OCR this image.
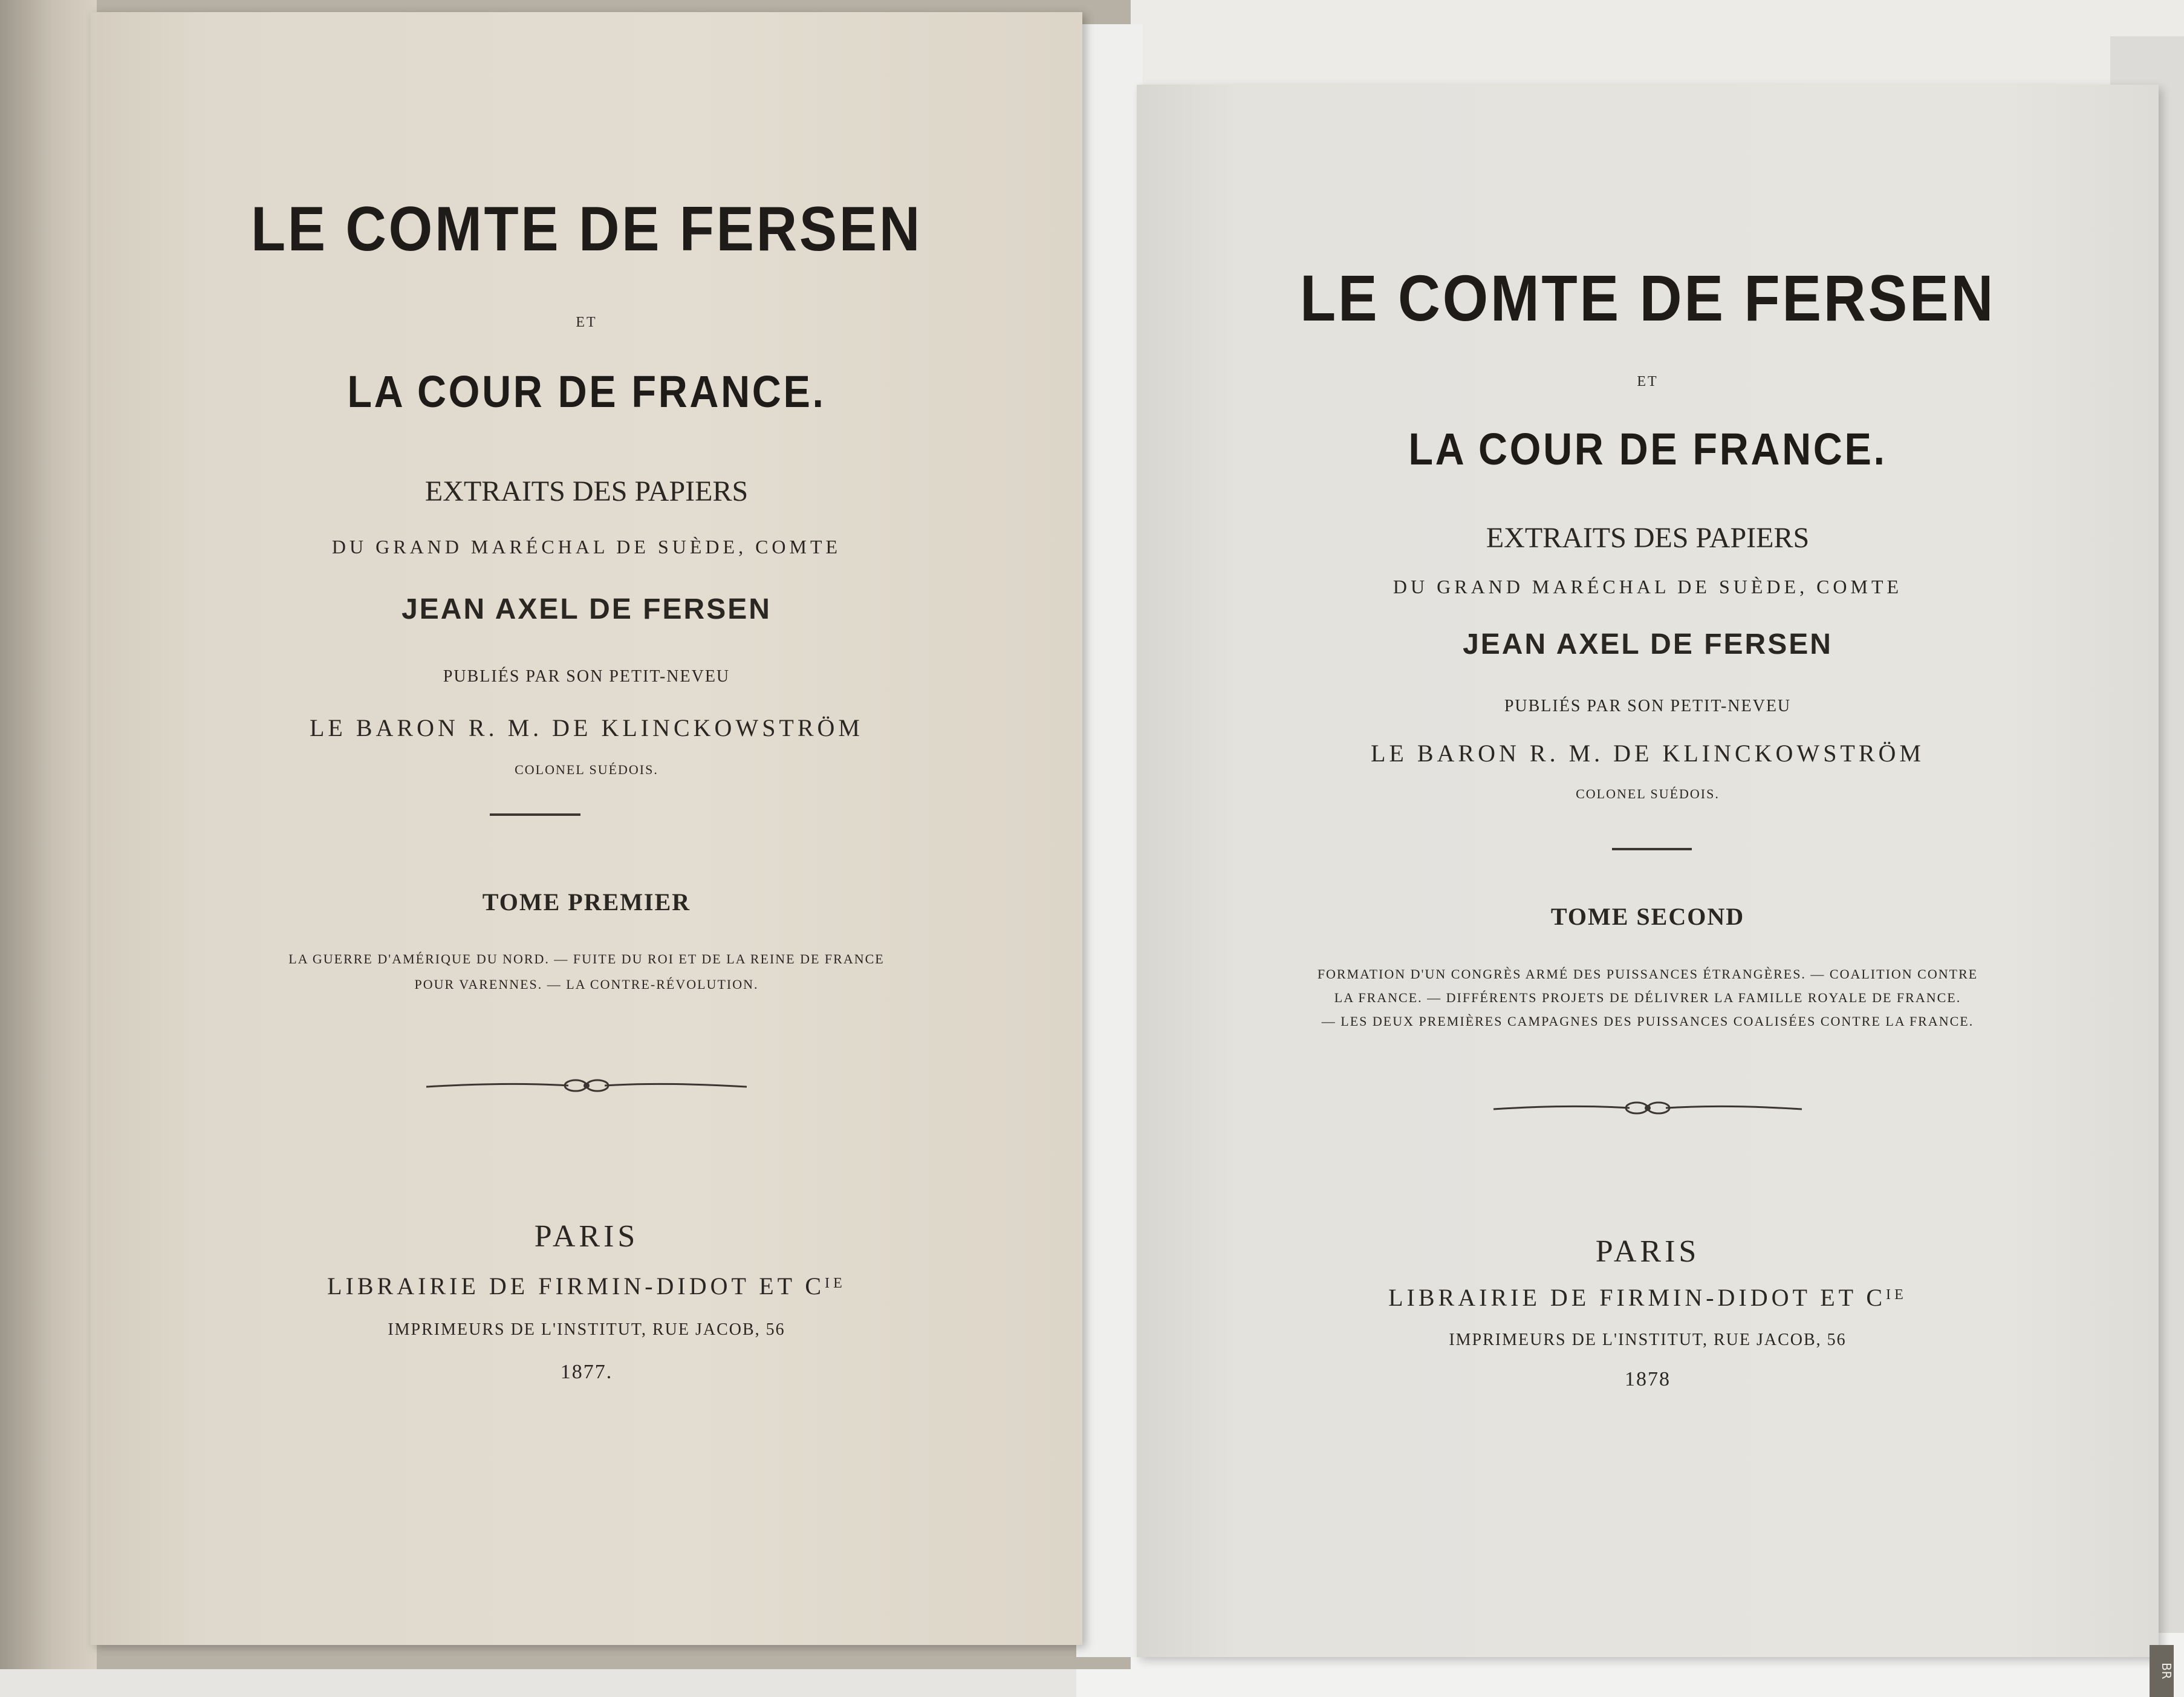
BR
LE COMTE DE FERSEN
ET
LA COUR DE FRANCE.
EXTRAITS DES PAPIERS
DU GRAND MARÉCHAL DE SUÈDE, COMTE
JEAN AXEL DE FERSEN
PUBLIÉS PAR SON PETIT-NEVEU
LE BARON R. M. DE KLINCKOWSTRÖM
COLONEL SUÉDOIS.
TOME PREMIER
LA GUERRE D'AMÉRIQUE DU NORD. — FUITE DU ROI ET DE LA REINE DE FRANCE
POUR VARENNES. — LA CONTRE-RÉVOLUTION.
PARIS
LIBRAIRIE DE FIRMIN-DIDOT ET Cᴵᴱ
IMPRIMEURS DE L'INSTITUT, RUE JACOB, 56
1877.
LE COMTE DE FERSEN
ET
LA COUR DE FRANCE.
EXTRAITS DES PAPIERS
DU GRAND MARÉCHAL DE SUÈDE, COMTE
JEAN AXEL DE FERSEN
PUBLIÉS PAR SON PETIT-NEVEU
LE BARON R. M. DE KLINCKOWSTRÖM
COLONEL SUÉDOIS.
TOME SECOND
FORMATION D'UN CONGRÈS ARMÉ DES PUISSANCES ÉTRANGÈRES. — COALITION CONTRE
LA FRANCE. — DIFFÉRENTS PROJETS DE DÉLIVRER LA FAMILLE ROYALE DE FRANCE.
— LES DEUX PREMIÈRES CAMPAGNES DES PUISSANCES COALISÉES CONTRE LA FRANCE.
PARIS
LIBRAIRIE DE FIRMIN-DIDOT ET Cᴵᴱ
IMPRIMEURS DE L'INSTITUT, RUE JACOB, 56
1878
